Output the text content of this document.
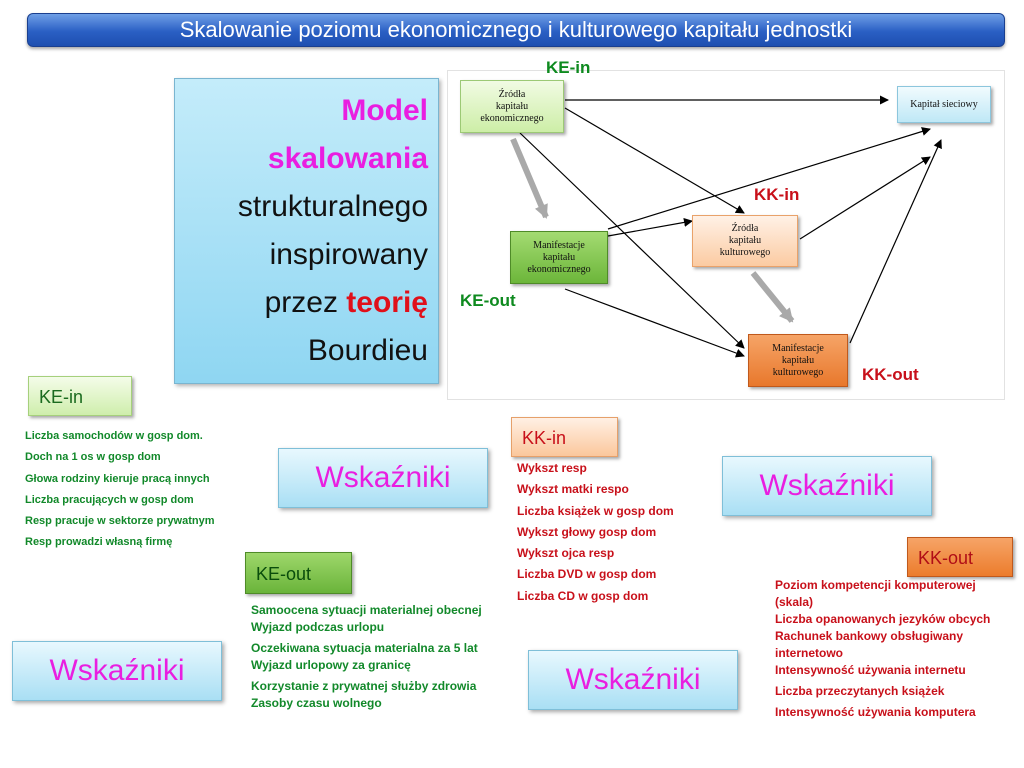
Skalowanie poziomu ekonomicznego i kulturowego kapitału jednostki
Model
skalowania
strukturalnego
inspirowany
przez teorię
Bourdieu
Źródła
kapitału
ekonomicznego
Manifestacje
kapitału
ekonomicznego
Źródła
kapitału
kulturowego
Manifestacje
kapitału
kulturowego
Kapitał sieciowy
KE-in
KK-in
KE-out
KK-out
KE-in
Liczba samochodów w gosp dom.
Doch na 1 os w gosp dom
Głowa rodziny kieruje pracą innych
Liczba pracujących w gosp dom
Resp pracuje w sektorze prywatnym
Resp prowadzi własną firmę
Wskaźniki
KE-out
Samoocena sytuacji materialnej obecnej
Wyjazd podczas urlopu
Oczekiwana sytuacja materialna za 5 lat
Wyjazd urlopowy za granicę
Korzystanie z prywatnej służby zdrowia
Zasoby czasu wolnego
Wskaźniki
KK-in
Wykszt resp
Wykszt matki respo
Liczba książek w gosp dom
Wykszt głowy gosp dom
Wykszt ojca resp
Liczba DVD w gosp dom
Liczba CD w gosp dom
Wskaźniki
KK-out
Poziom kompetencji komputerowej (skala)
Liczba opanowanych jezyków obcych
Rachunek bankowy obsługiwany internetowo
Intensywność używania internetu
Liczba przeczytanych książek
Intensywność używania komputera
Wskaźniki
